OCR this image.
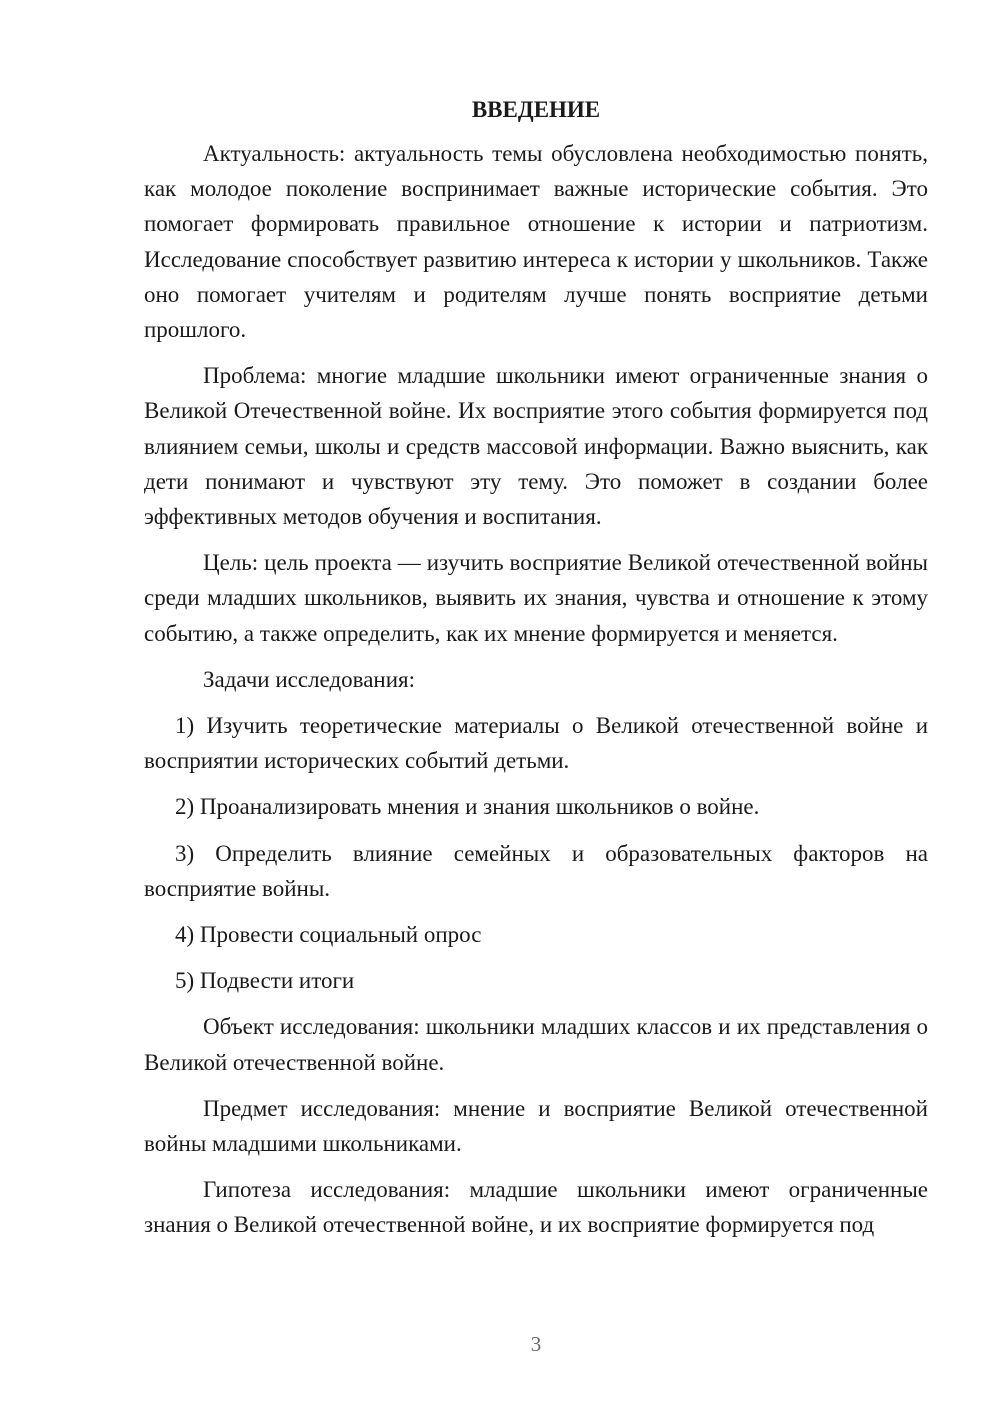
ВВЕДЕНИЕ

Актуальность: актуальность темы обусловлена необходимостью понять, как молодое поколение воспринимает важные исторические события. Это помогает формировать правильное отношение к истории и патриотизм. Исследование способствует развитию интереса к истории у школьников. Также оно помогает учителям и родителям лучше понять восприятие детьми прошлого.

Проблема: многие младшие школьники имеют ограниченные знания о Великой Отечественной войне. Их восприятие этого события формируется под влиянием семьи, школы и средств массовой информации. Важно выяснить, как дети понимают и чувствуют эту тему. Это поможет в создании более эффективных методов обучения и воспитания.

Цель: цель проекта — изучить восприятие Великой отечественной войны среди младших школьников, выявить их знания, чувства и отношение к этому событию, а также определить, как их мнение формируется и меняется.

Задачи исследования:

1) Изучить теоретические материалы о Великой отечественной войне и восприятии исторических событий детьми.

2) Проанализировать мнения и знания школьников о войне.

3) Определить влияние семейных и образовательных факторов на восприятие войны.

4) Провести социальный опрос

5) Подвести итоги

Объект исследования: школьники младших классов и их представления о Великой отечественной войне.

Предмет исследования: мнение и восприятие Великой отечественной войны младшими школьниками.

Гипотеза исследования: младшие школьники имеют ограниченные знания о Великой отечественной войне, и их восприятие формируется под

3
